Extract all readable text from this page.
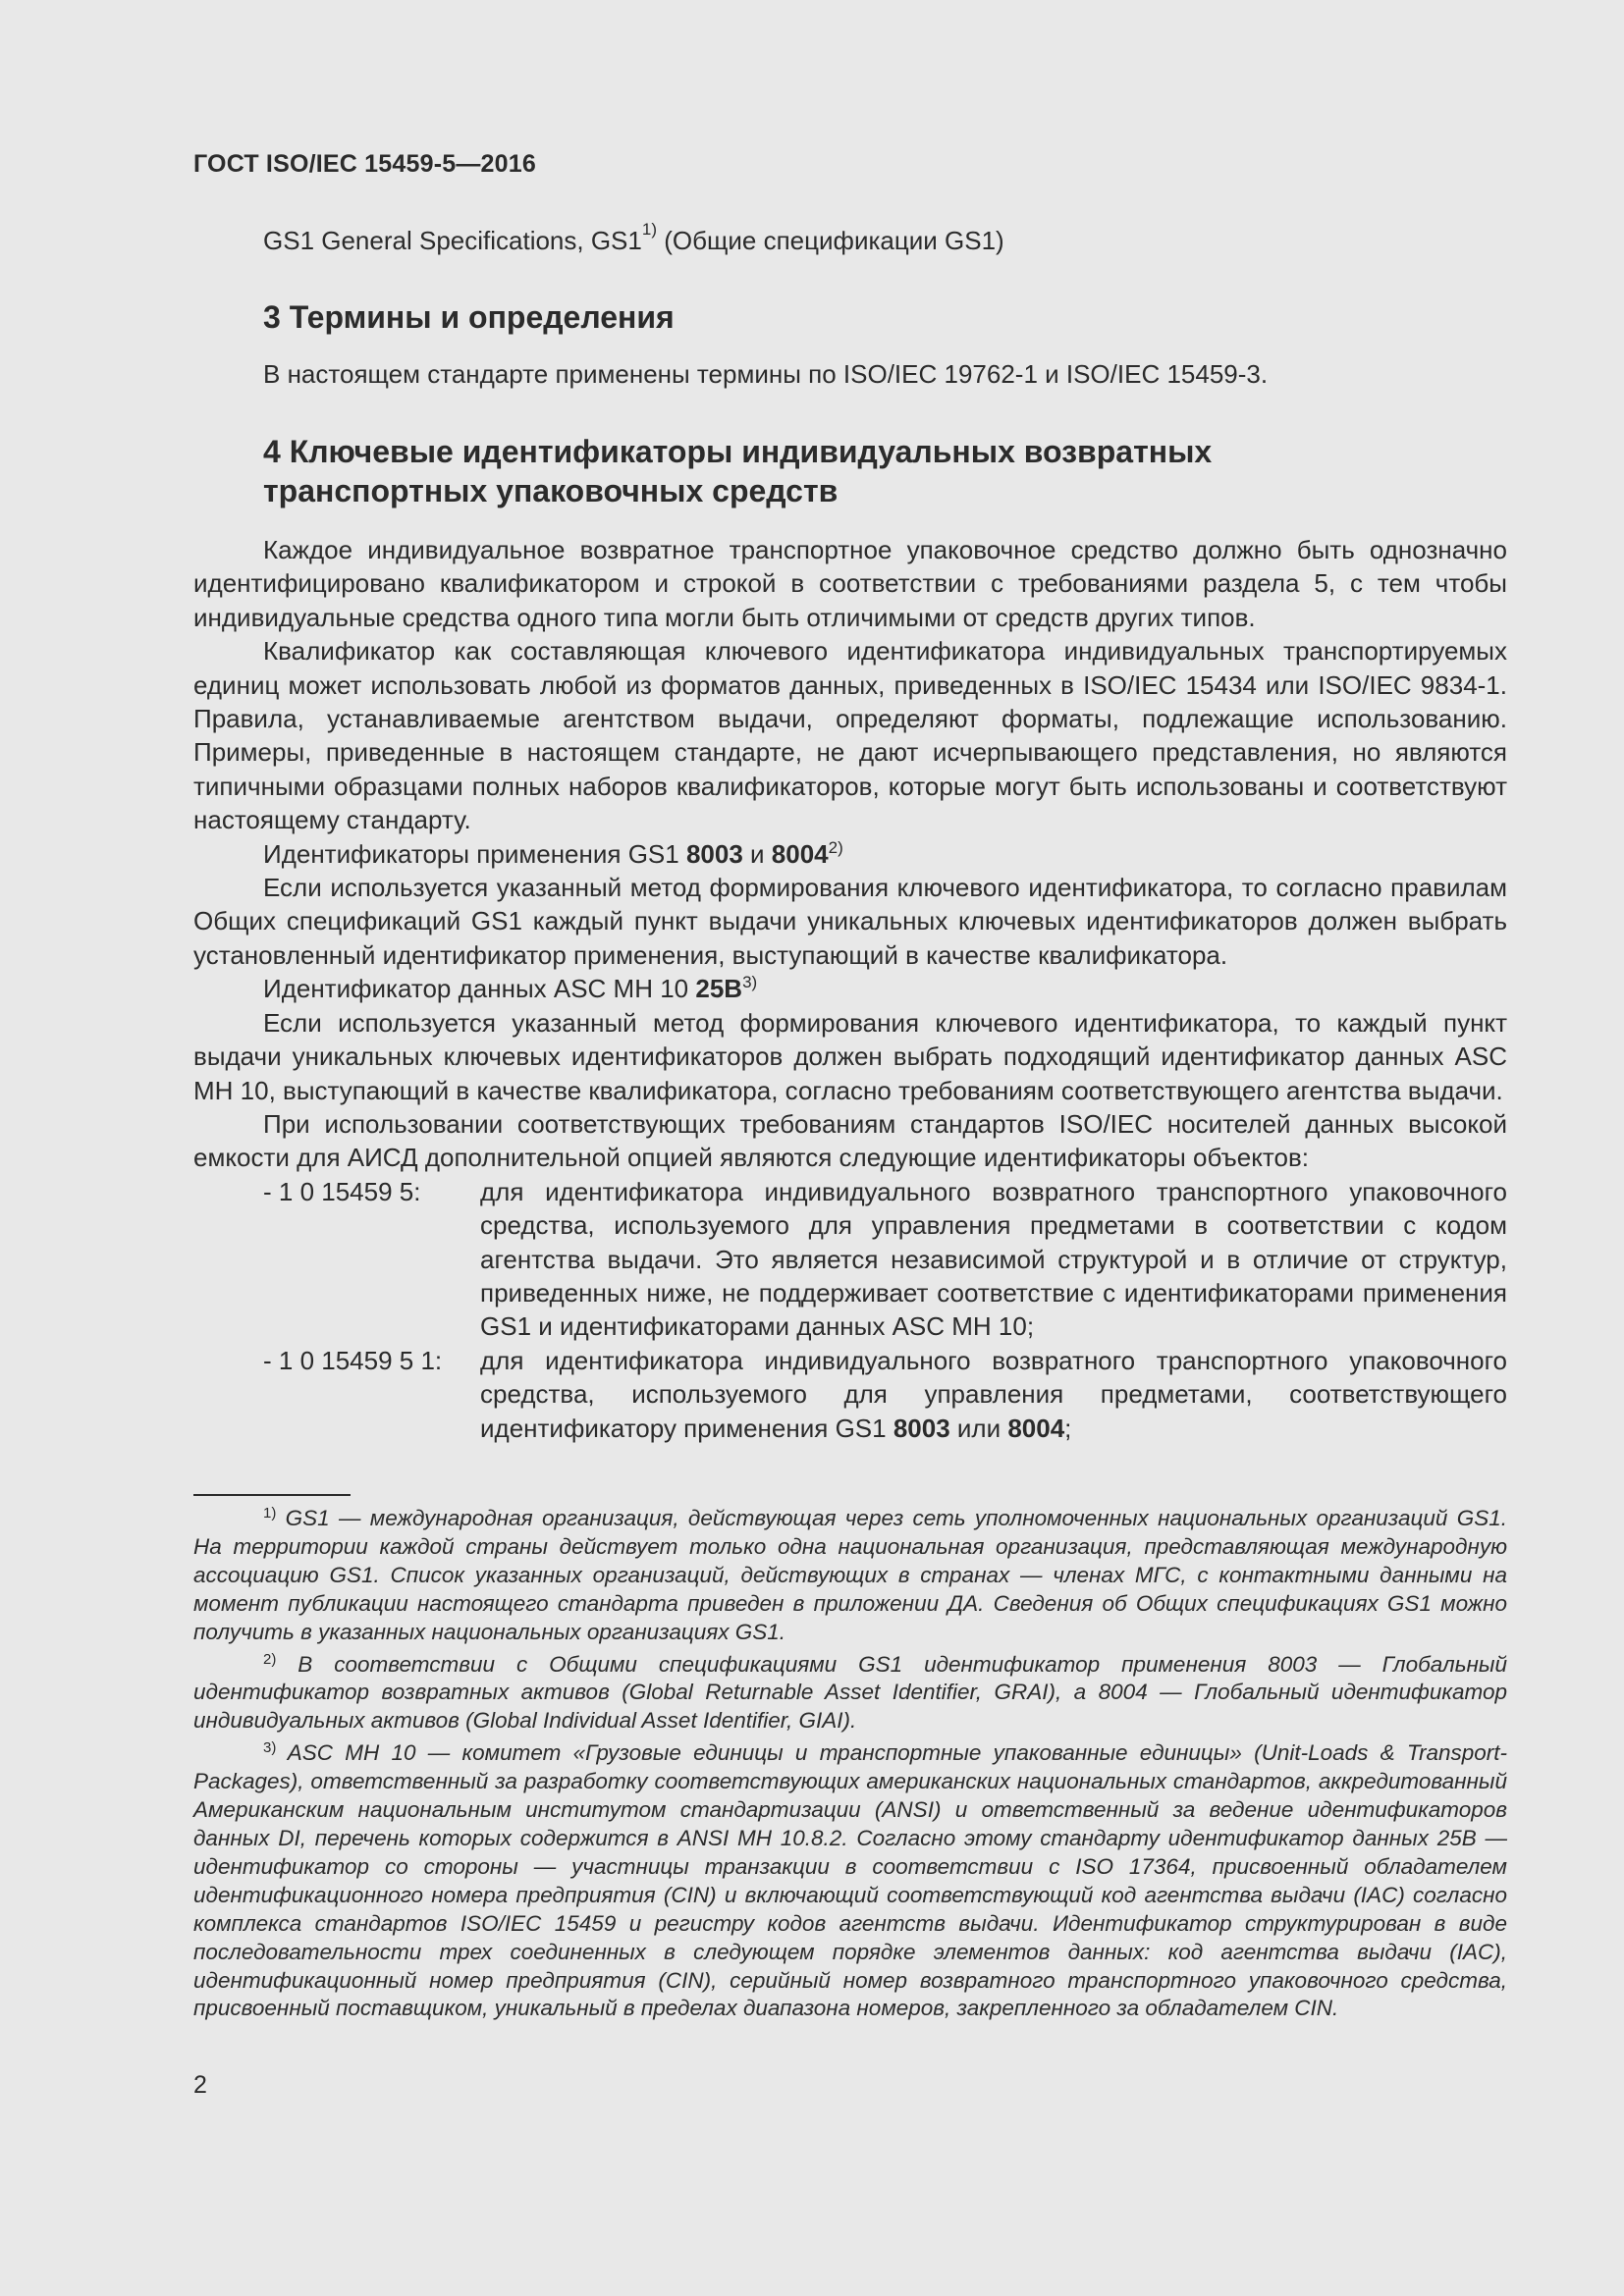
ГОСТ ISO/IEC 15459-5—2016
GS1 General Specifications, GS1$^{1)}$ (Общие спецификации GS1)
3 Термины и определения
В настоящем стандарте применены термины по ISO/IEC 19762-1 и ISO/IEC 15459-3.
4 Ключевые идентификаторы индивидуальных возвратных
транспортных упаковочных средств

Каждое индивидуальное возвратное транспортное упаковочное средство должно быть однозначно идентифицировано квалификатором и строкой в соответствии с требованиями раздела 5, с тем чтобы индивидуальные средства одного типа могли быть отличимыми от средств других типов.

Квалификатор как составляющая ключевого идентификатора индивидуальных транспортируемых единиц может использовать любой из форматов данных, приведенных в ISO/IEC 15434 или ISO/IEC 9834-1. Правила, устанавливаемые агентством выдачи, определяют форматы, подлежащие использованию. Примеры, приведенные в настоящем стандарте, не дают исчерпывающего представления, но являются типичными образцами полных наборов квалификаторов, которые могут быть использованы и соответствуют настоящему стандарту.

Идентификаторы применения GS1 8003 и 8004$^{2)}$

Если используется указанный метод формирования ключевого идентификатора, то согласно правилам Общих спецификаций GS1 каждый пункт выдачи уникальных ключевых идентификаторов должен выбрать установленный идентификатор применения, выступающий в качестве квалификатора.

Идентификатор данных ASC MH 10 $25B^{3)}$

Если используется указанный метод формирования ключевого идентификатора, то каждый пункт выдачи уникальных ключевых идентификаторов должен выбрать подходящий идентификатор данных ASC MH 10, выступающий в качестве квалификатора, согласно требованиям соответствующего агентства выдачи.

При использовании соответствующих требованиям стандартов ISO/IEC носителей данных высокой емкости для АИСД дополнительной опцией являются следующие идентификаторы объектов:

- 1 0 15459 5:	для идентификатора индивидуального возвратного транспортного упаковочного средства, используемого для управления предметами в соответствии с кодом агентства выдачи. Это является независимой структурой и в отличие от структур, приведенных ниже, не поддерживает соответствие с идентификаторами применения GS1 и идентификаторами данных ASC MH 10;
- 1 0 15459 5 1:	для идентификатора индивидуального возвратного транспортного упаковочного средства, используемого для управления предметами, соответствующего идентификатору применения GS1 8003 или 8004;

$^{1)}$ GS1 — международная организация, действующая через сеть уполномоченных национальных организаций GS1. На территории каждой страны действует только одна национальная организация, представляющая международную ассоциацию GS1. Список указанных организаций, действующих в странах — членах МГС, с контактными данными на момент публикации настоящего стандарта приведен в приложении ДА. Сведения об Общих спецификациях GS1 можно получить в указанных национальных организациях GS1.

$^{2)}$ В соответствии с Общими спецификациями GS1 идентификатор применения 8003 — Глобальный идентификатор возвратных активов (Global Returnable Asset Identifier, GRAI), а 8004 — Глобальный идентификатор индивидуальных активов (Global Individual Asset Identifier, GIAI).

$^{3)}$ ASC MH 10 — комитет «Грузовые единицы и транспортные упакованные единицы» (Unit-Loads & Transport-Packages), ответственный за разработку соответствующих американских национальных стандартов, аккредитованный Американским национальным институтом стандартизации (ANSI) и ответственный за ведение идентификаторов данных DI, перечень которых содержится в ANSI MH 10.8.2. Согласно этому стандарту идентификатор данных 25B — идентификатор со стороны — участницы транзакции в соответствии с ISO 17364, присвоенный обладателем идентификационного номера предприятия (CIN) и включающий соответствующий код агентства выдачи (IAC) согласно комплекса стандартов ISO/IEC 15459 и регистру кодов агентств выдачи. Идентификатор структурирован в виде последовательности трех соединенных в следующем порядке элементов данных: код агентства выдачи (IAC), идентификационный номер предприятия (CIN), серийный номер возвратного транспортного упаковочного средства, присвоенный поставщиком, уникальный в пределах диапазона номеров, закрепленного за обладателем CIN.

2
